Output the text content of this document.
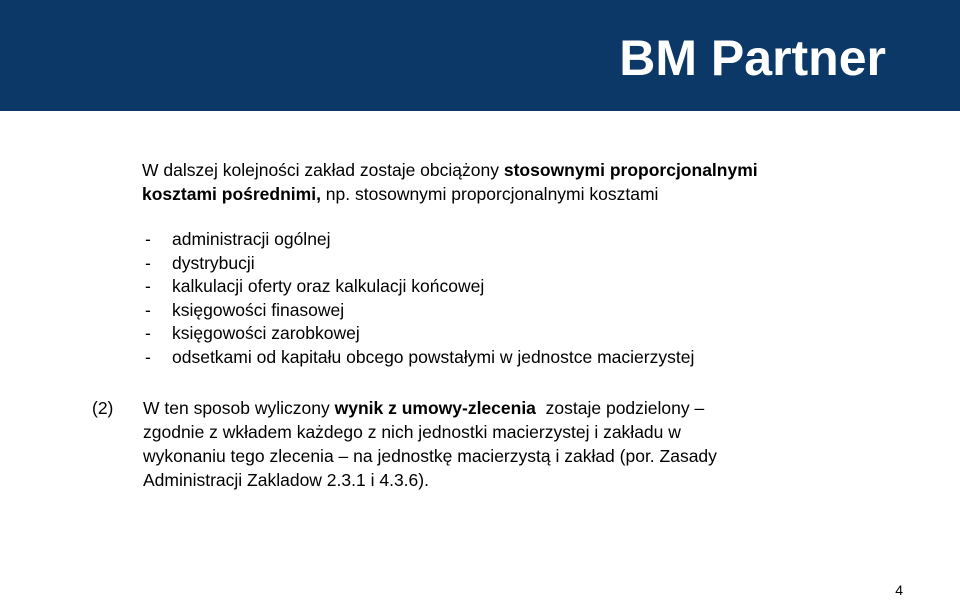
BM Partner
W dalszej kolejności zakład zostaje obciążony stosownymi proporcjonalnymi
kosztami pośrednimi, np. stosownymi proporcjonalnymi kosztami
-	administracji ogólnej
-	dystrybucji
-	kalkulacji oferty oraz kalkulacji końcowej
-	księgowości finasowej
-	księgowości zarobkowej
-	odsetkami od kapitału obcego powstałymi w jednostce macierzystej
(2) W ten sposob wyliczony wynik z umowy-zlecenia  zostaje podzielony –
zgodnie z wkładem każdego z nich jednostki macierzystej i zakładu w
wykonaniu tego zlecenia – na jednostkę macierzystą i zakład (por. Zasady
Administracji Zakladow 2.3.1 i 4.3.6).
4
